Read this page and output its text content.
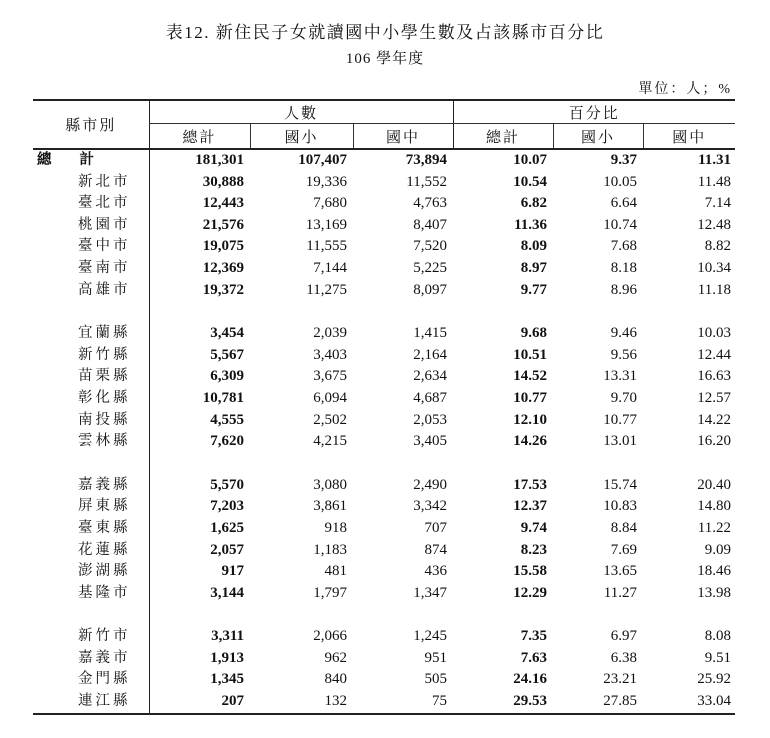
表12. 新住民子女就讀國中小學生數及占該縣市百分比
106 學年度
單位：人；%
縣市別	人數			百分比		
	總計	國小	國中	總計	國小	國中
總 計	181,301	107,407	73,894	10.07	9.37	11.31
新北市	30,888	19,336	11,552	10.54	10.05	11.48
臺北市	12,443	7,680	4,763	6.82	6.64	7.14
桃園市	21,576	13,169	8,407	11.36	10.74	12.48
臺中市	19,075	11,555	7,520	8.09	7.68	8.82
臺南市	12,369	7,144	5,225	8.97	8.18	10.34
高雄市	19,372	11,275	8,097	9.77	8.96	11.18

宜蘭縣	3,454	2,039	1,415	9.68	9.46	10.03
新竹縣	5,567	3,403	2,164	10.51	9.56	12.44
苗栗縣	6,309	3,675	2,634	14.52	13.31	16.63
彰化縣	10,781	6,094	4,687	10.77	9.70	12.57
南投縣	4,555	2,502	2,053	12.10	10.77	14.22
雲林縣	7,620	4,215	3,405	14.26	13.01	16.20

嘉義縣	5,570	3,080	2,490	17.53	15.74	20.40
屏東縣	7,203	3,861	3,342	12.37	10.83	14.80
臺東縣	1,625	918	707	9.74	8.84	11.22
花蓮縣	2,057	1,183	874	8.23	7.69	9.09
澎湖縣	917	481	436	15.58	13.65	18.46
基隆市	3,144	1,797	1,347	12.29	11.27	13.98

新竹市	3,311	2,066	1,245	7.35	6.97	8.08
嘉義市	1,913	962	951	7.63	6.38	9.51
金門縣	1,345	840	505	24.16	23.21	25.92
連江縣	207	132	75	29.53	27.85	33.04
